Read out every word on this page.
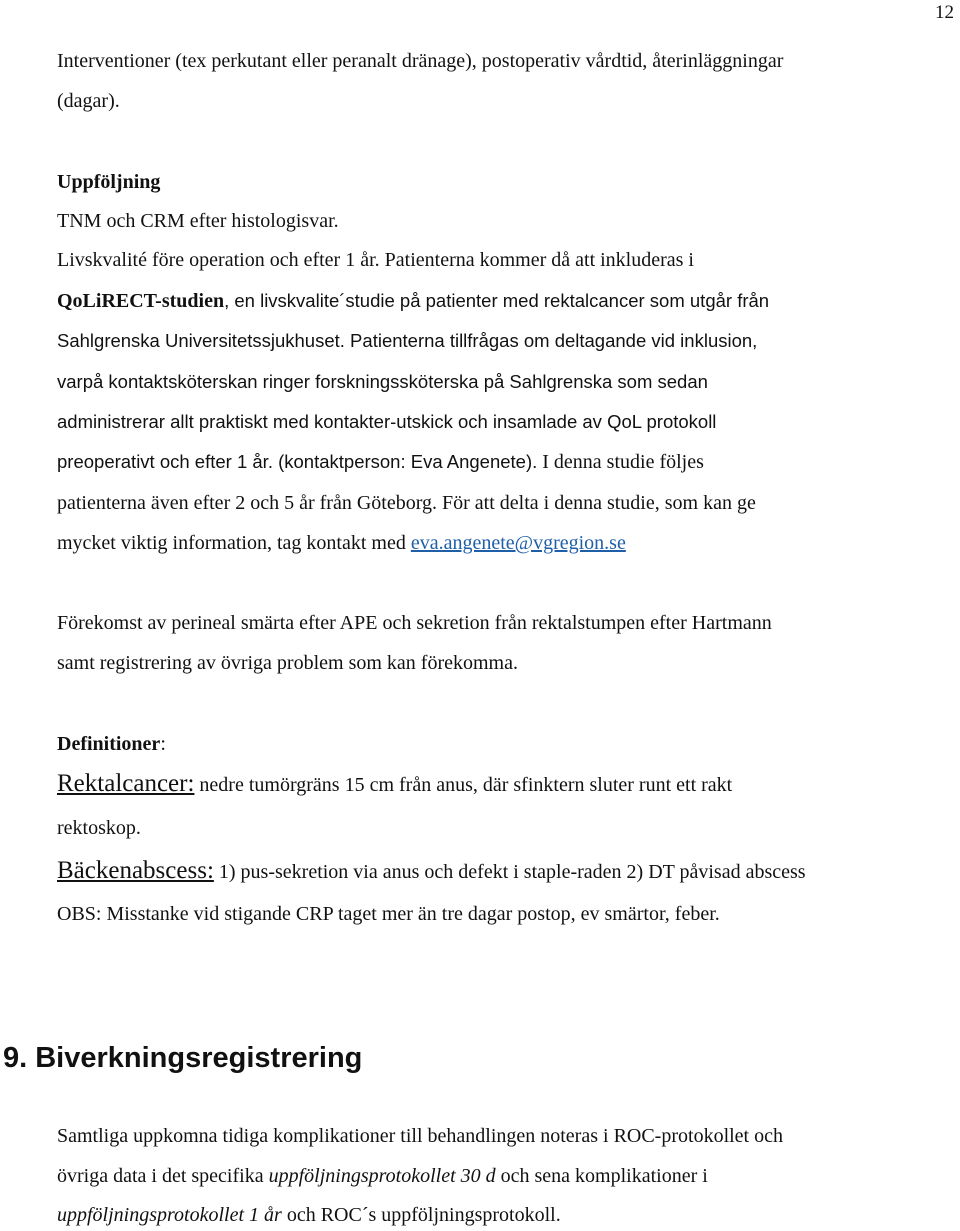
12
Interventioner (tex perkutant eller peranalt dränage), postoperativ vårdtid, återinläggningar
(dagar).
Uppföljning
TNM och CRM efter histologisvar.
Livskvalité före operation och efter 1 år. Patienterna kommer då att inkluderas i
QoLiRECT-studien, en livskvalite´studie på patienter med rektalcancer som utgår från
Sahlgrenska Universitetssjukhuset. Patienterna tillfrågas om deltagande vid inklusion,
varpå kontaktsköterskan ringer forskningssköterska på Sahlgrenska som sedan
administrerar allt praktiskt med kontakter-utskick och insamlade av QoL protokoll
preoperativt och efter 1 år. (kontaktperson: Eva Angenete). I denna studie följes
patienterna även efter 2 och 5 år från Göteborg. För att delta i denna studie, som kan ge
mycket viktig information, tag kontakt med eva.angenete@vgregion.se
Förekomst av perineal smärta efter APE och sekretion från rektalstumpen efter Hartmann
samt registrering av övriga problem som kan förekomma.
Definitioner:
Rektalcancer: nedre tumörgräns 15 cm från anus, där sfinktern sluter runt ett rakt
rektoskop.
Bäckenabscess: 1) pus-sekretion via anus och defekt i staple-raden 2) DT påvisad abscess
OBS: Misstanke vid stigande CRP taget mer än tre dagar postop, ev smärtor, feber.
9. Biverkningsregistrering
Samtliga uppkomna tidiga komplikationer till behandlingen noteras i ROC-protokollet och
övriga data i det specifika uppföljningsprotokollet 30 d och sena komplikationer i
uppföljningsprotokollet 1 år och ROC´s uppföljningsprotokoll.
